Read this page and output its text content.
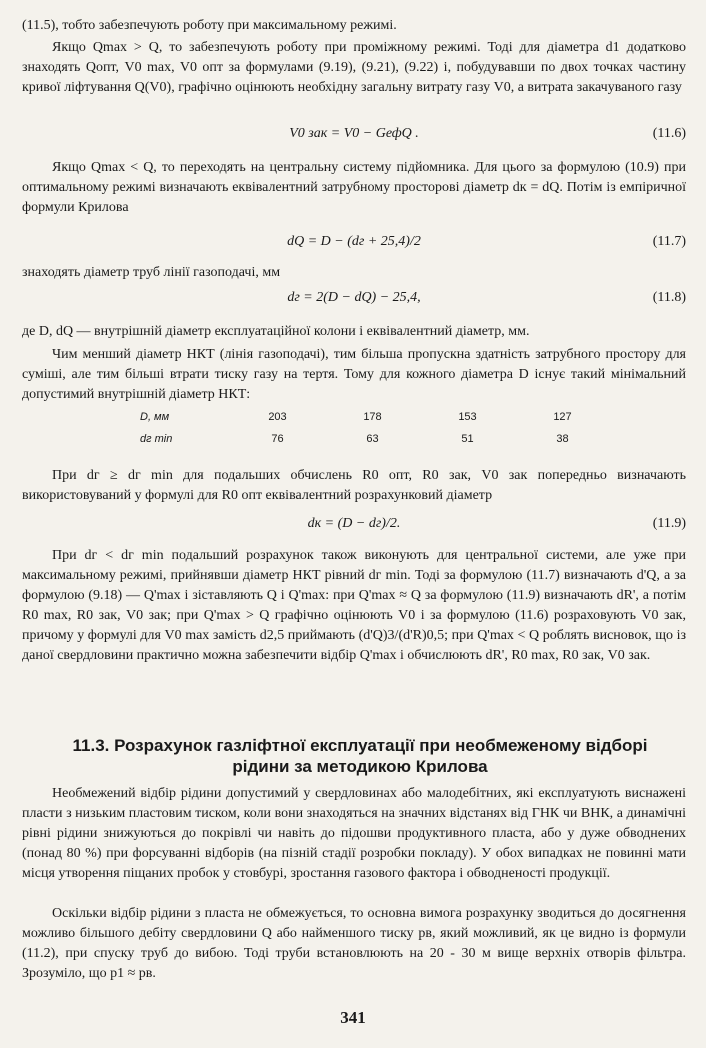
(11.5), тобто забезпечують роботу при максимальному режимі.

Якщо Qmax > Q, то забезпечують роботу при проміжному режимі. Тоді для діаметра d1 додатково знаходять Qопт, V0 max, V0 опт за формулами (9.19), (9.21), (9.22) і, побудувавши по двох точках частину кривої ліфтування Q(V0), графічно оцінюють необхідну загальну витрату газу V0, а витрата закачуваного газу

V0 зак = V0 − GефQ .	(11.6)

Якщо Qmax < Q, то переходять на центральну систему підйомника. Для цього за формулою (10.9) при оптимальному режимі визначають еквівалентний затрубному просторові діаметр dк = dQ. Потім із емпіричної формули Крилова

dQ = D − (dг + 25,4)/2	(11.7)

знаходять діаметр труб лінії газоподачі, мм

dг = 2(D − dQ) − 25,4,	(11.8)

де D, dQ — внутрішній діаметр експлуатаційної колони і еквівалентний діаметр, мм.

Чим менший діаметр НКТ (лінія газоподачі), тим більша пропускна здатність затрубного простору для суміші, але тим більші втрати тиску газу на тертя. Тому для кожного діаметра D існує такий мінімальний допустимий внутрішній діаметр НКТ:

D, мм	203	178	153	127
dг min	76	63	51	38

При dг ≥ dг min для подальших обчислень R0 опт, R0 зак, V0 зак попередньо визначають використовуваний у формулі для R0 опт еквівалентний розрахунковий діаметр

dк = (D − dг)/2.	(11.9)

При dг < dг min подальший розрахунок також виконують для центральної системи, але уже при максимальному режимі, прийнявши діаметр НКТ рівний dг min. Тоді за формулою (11.7) визначають d'Q, а за формулою (9.18) — Q'max і зіставляють Q і Q'max: при Q'max ≈ Q за формулою (11.9) визначають dR', а потім R0 max, R0 зак, V0 зак; при Q'max > Q графічно оцінюють V0 і за формулою (11.6) розраховують V0 зак, причому у формулі для V0 max замість d2,5 приймають (d'Q)3/(d'R)0,5; при Q'max < Q роблять висновок, що із даної свердловини практично можна забезпечити відбір Q'max і обчислюють dR', R0 max, R0 зак, V0 зак.

11.3. Розрахунок газліфтної експлуатації при необмеженому відборі рідини за методикою Крилова

Необмежений відбір рідини допустимий у свердловинах або малодебітних, які експлуатують виснажені пласти з низьким пластовим тиском, коли вони знаходяться на значних відстанях від ГНК чи ВНК, а динамічні рівні рідини знижуються до покрівлі чи навіть до підошви продуктивного пласта, або у дуже обводнених (понад 80 %) при форсуванні відборів (на пізній стадії розробки покладу). У обох випадках не повинні мати місця утворення піщаних пробок у стовбурі, зростання газового фактора і обводненості продукції.

Оскільки відбір рідини з пласта не обмежується, то основна вимога розрахунку зводиться до досягнення можливо більшого дебіту свердловини Q або найменшого тиску pв, який можливий, як це видно із формули (11.2), при спуску труб до вибою. Тоді труби встановлюють на 20 - 30 м вище верхніх отворів фільтра. Зрозуміло, що p1 ≈ pв.

341
